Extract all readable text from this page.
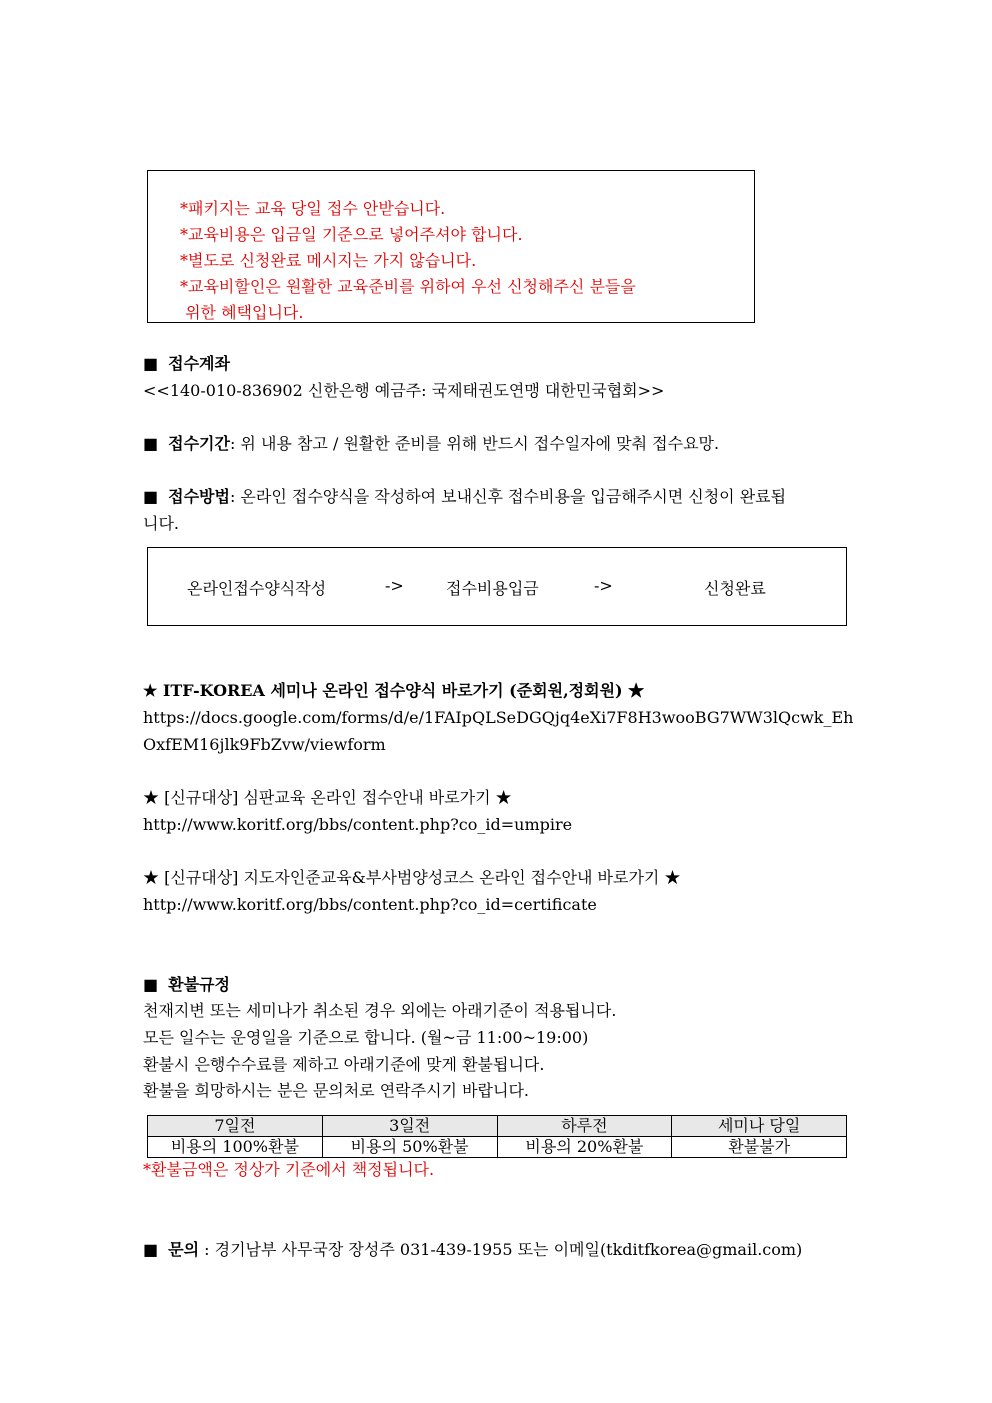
*패키지는 교육 당일 접수 안받습니다.
*교육비용은 입금일 기준으로 넣어주셔야 합니다.
*별도로 신청완료 메시지는 가지 않습니다.
*교육비할인은 원활한 교육준비를 위하여 우선 신청해주신 분들을
위한 혜택입니다.
■ 접수계좌
<<140-010-836902 신한은행 예금주: 국제태권도연맹 대한민국협회>>
■ 접수기간: 위 내용 참고 / 원활한 준비를 위해 반드시 접수일자에 맞춰 접수요망.
■ 접수방법: 온라인 접수양식을 작성하여 보내신후 접수비용을 입금해주시면 신청이 완료됩
니다.
온라인접수양식작성	->	접수비용입금	->	신청완료
★ ITF-KOREA 세미나 온라인 접수양식 바로가기 (준회원,정회원) ★
https://docs.google.com/forms/d/e/1FAIpQLSeDGQjq4eXi7F8H3wooBG7WW3lQcwk_Eh
OxfEM16jlk9FbZvw/viewform
★ [신규대상] 심판교육 온라인 접수안내 바로가기 ★
http://www.koritf.org/bbs/content.php?co_id=umpire
★ [신규대상] 지도자인준교육&부사범양성코스 온라인 접수안내 바로가기 ★
http://www.koritf.org/bbs/content.php?co_id=certificate
■ 환불규정
천재지변 또는 세미나가 취소된 경우 외에는 아래기준이 적용됩니다.
모든 일수는 운영일을 기준으로 합니다. (월~금 11:00~19:00)
환불시 은행수수료를 제하고 아래기준에 맞게 환불됩니다.
환불을 희망하시는 분은 문의처로 연락주시기 바랍니다.
7일전	3일전	하루전	세미나 당일
비용의 100%환불	비용의 50%환불	비용의 20%환불	환불불가
*환불금액은 정상가 기준에서 책정됩니다.
■ 문의 : 경기남부 사무국장 장성주 031-439-1955 또는 이메일(tkditfkorea@gmail.com)
